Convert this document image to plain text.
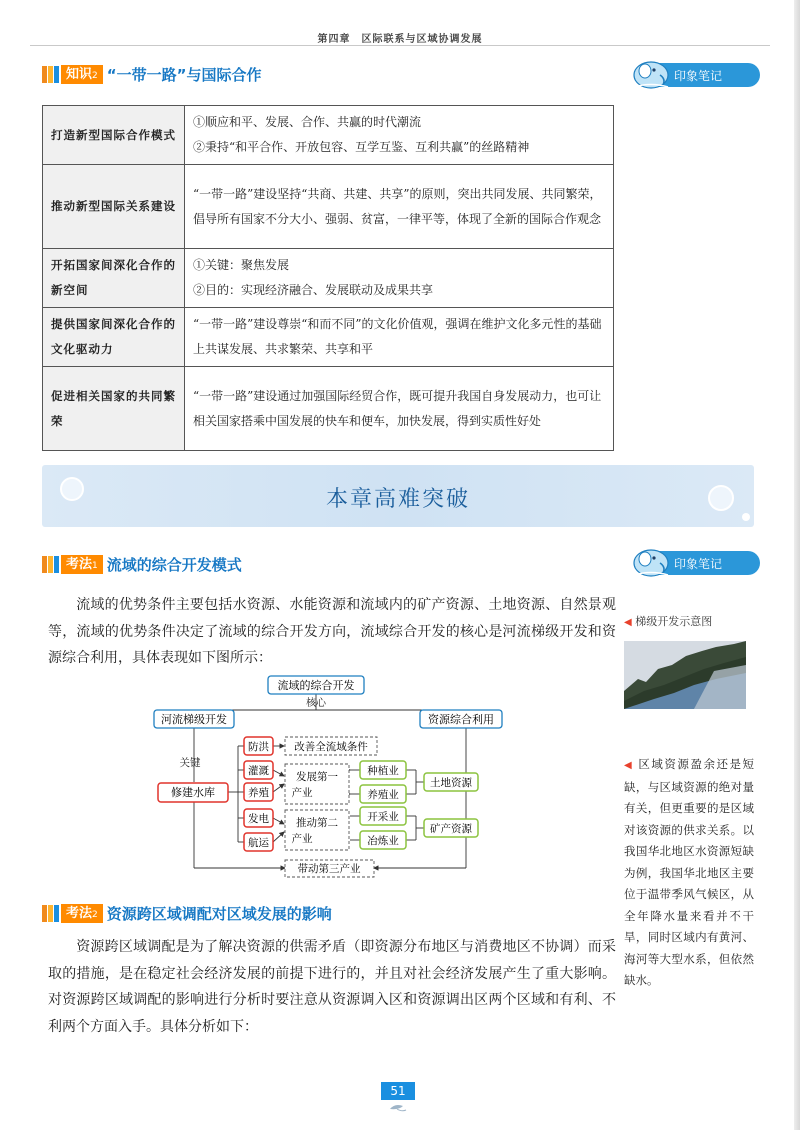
第四章　区际联系与区域协调发展
知识2 “一带一路”与国际合作	印象笔记
打造新型国际合作模式	①顺应和平、发展、合作、共赢的时代潮流

②秉持“和平合作、开放包容、互学互鉴、互利共赢”的丝路精神

推动新型国际关系建设	“一带一路”建设坚持“共商、共建、共享”的原则，突出共同发展、共同繁荣，倡导所有国家不分大小、强弱、贫富，一律平等，体现了全新的国际合作观念

开拓国家间深化合作的新空间	①关键：聚焦发展

②目的：实现经济融合、发展联动及成果共享

提供国家间深化合作的文化驱动力	“一带一路”建设尊崇“和而不同”的文化价值观，强调在维护文化多元性的基础上共谋发展、共求繁荣、共享和平

促进相关国家的共同繁荣	“一带一路”建设通过加强国际经贸合作，既可提升我国自身发展动力，也可让相关国家搭乘中国发展的快车和便车，加快发展，得到实质性好处

本章高难突破
考法1 流域的综合开发模式	印象笔记

流域的优势条件主要包括水资源、水能资源和流域内的矿产资源、土地资源、自然景观等，流域的优势条件决定了流域的综合开发方向，流域综合开发的核心是河流梯级开发和资源综合利用，具体表现如下图所示：

◀ 梯级开发示意图
◀ 区域资源盈余还是短缺，与区域资源的绝对量有关，但更重要的是区域对该资源的供求关系。以我国华北地区水资源短缺为例，我国华北地区主要位于温带季风气候区，从全年降水量来看并不干旱，同时区域内有黄河、海河等大型水系，但依然缺水。
流域的综合开发
核心
河流梯级开发	资源综合利用
关键
修建水库
防洪
灌溉
养殖
发电
航运
改善全流域条件
发展第一
产业
推动第二
产业
带动第三产业
种植业
养殖业
土地资源
开采业
冶炼业
矿产资源
考法2 资源跨区域调配对区域发展的影响

资源跨区域调配是为了解决资源的供需矛盾（即资源分布地区与消费地区不协调）而采取的措施，是在稳定社会经济发展的前提下进行的，并且对社会经济发展产生了重大影响。对资源跨区域调配的影响进行分析时要注意从资源调入区和资源调出区两个区域和有利、不利两个方面入手。具体分析如下：

51
